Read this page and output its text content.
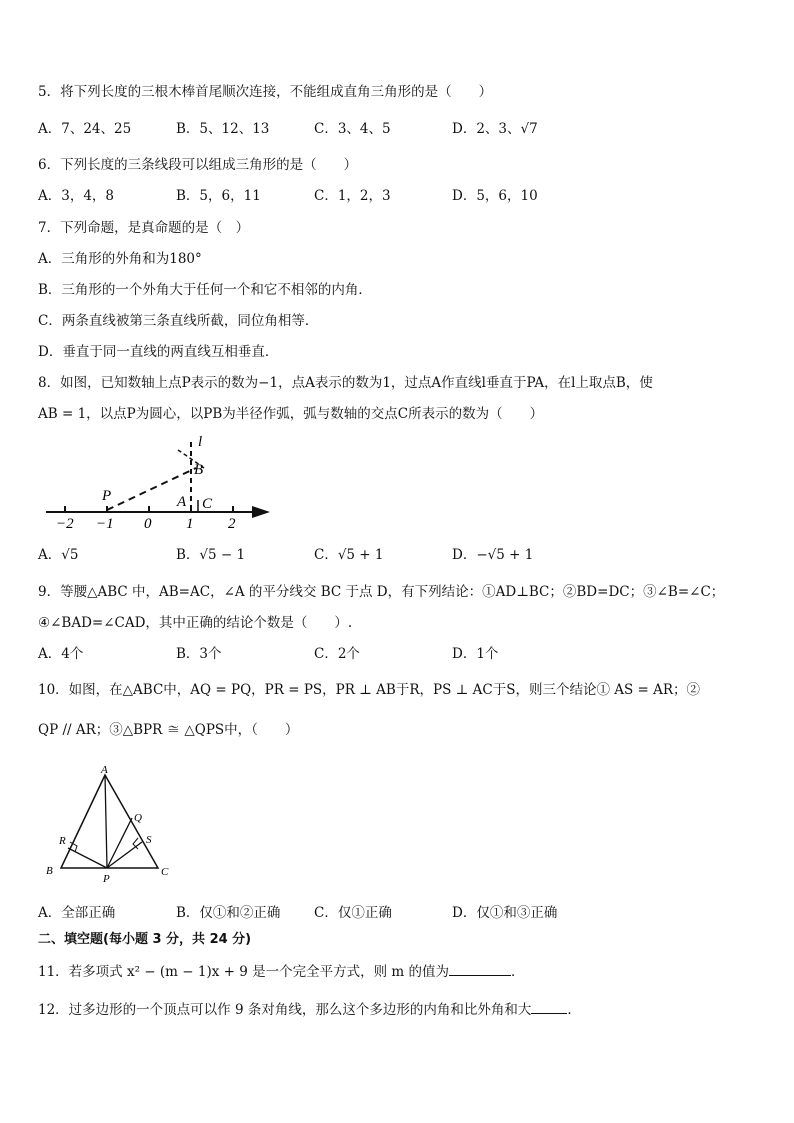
5．将下列长度的三根木棒首尾顺次连接，不能组成直角三角形的是（　　）
A．7、24、25	B．5、12、13	C．3、4、5	D．2、3、√7
6．下列长度的三条线段可以组成三角形的是（　　）
A．3，4，8	B．5，6，11	C．1，2，3	D．5，6，10
7．下列命题，是真命题的是（　）
A．三角形的外角和为180°
B．三角形的一个外角大于任何一个和它不相邻的内角．
C．两条直线被第三条直线所截，同位角相等．
D．垂直于同一直线的两直线互相垂直．
8．如图，已知数轴上点P表示的数为−1，点A表示的数为1，过点A作直线l垂直于PA，在l上取点B，使
AB = 1，以点P为圆心，以PB为半径作弧，弧与数轴的交点C所表示的数为（　　）
−2 −1 0 1 2
P	A
B
C
l
A．√5	B．√5 − 1	C．√5 + 1	D．−√5 + 1
9．等腰△ABC 中，AB=AC，∠A 的平分线交 BC 于点 D，有下列结论：①AD⊥BC；②BD=DC；③∠B=∠C；
④∠BAD=∠CAD，其中正确的结论个数是（　　）.
A．4个	B．3个	C．2个	D．1个
10．如图，在△ABC中，AQ = PQ，PR = PS，PR ⊥ AB于R，PS ⊥ AC于S，则三个结论① AS = AR；②
QP // AR；③△BPR ≅ △QPS中，（　　）
A
B	C
P
Q
R	S
A．全部正确	B．仅①和②正确 C．仅①正确	D．仅①和③正确
二、填空题(每小题 3 分，共 24 分)
11．若多项式 x² − (m − 1)x + 9 是一个完全平方式，则 m 的值为	．
12．过多边形的一个顶点可以作 9 条对角线，那么这个多边形的内角和比外角和大	．
